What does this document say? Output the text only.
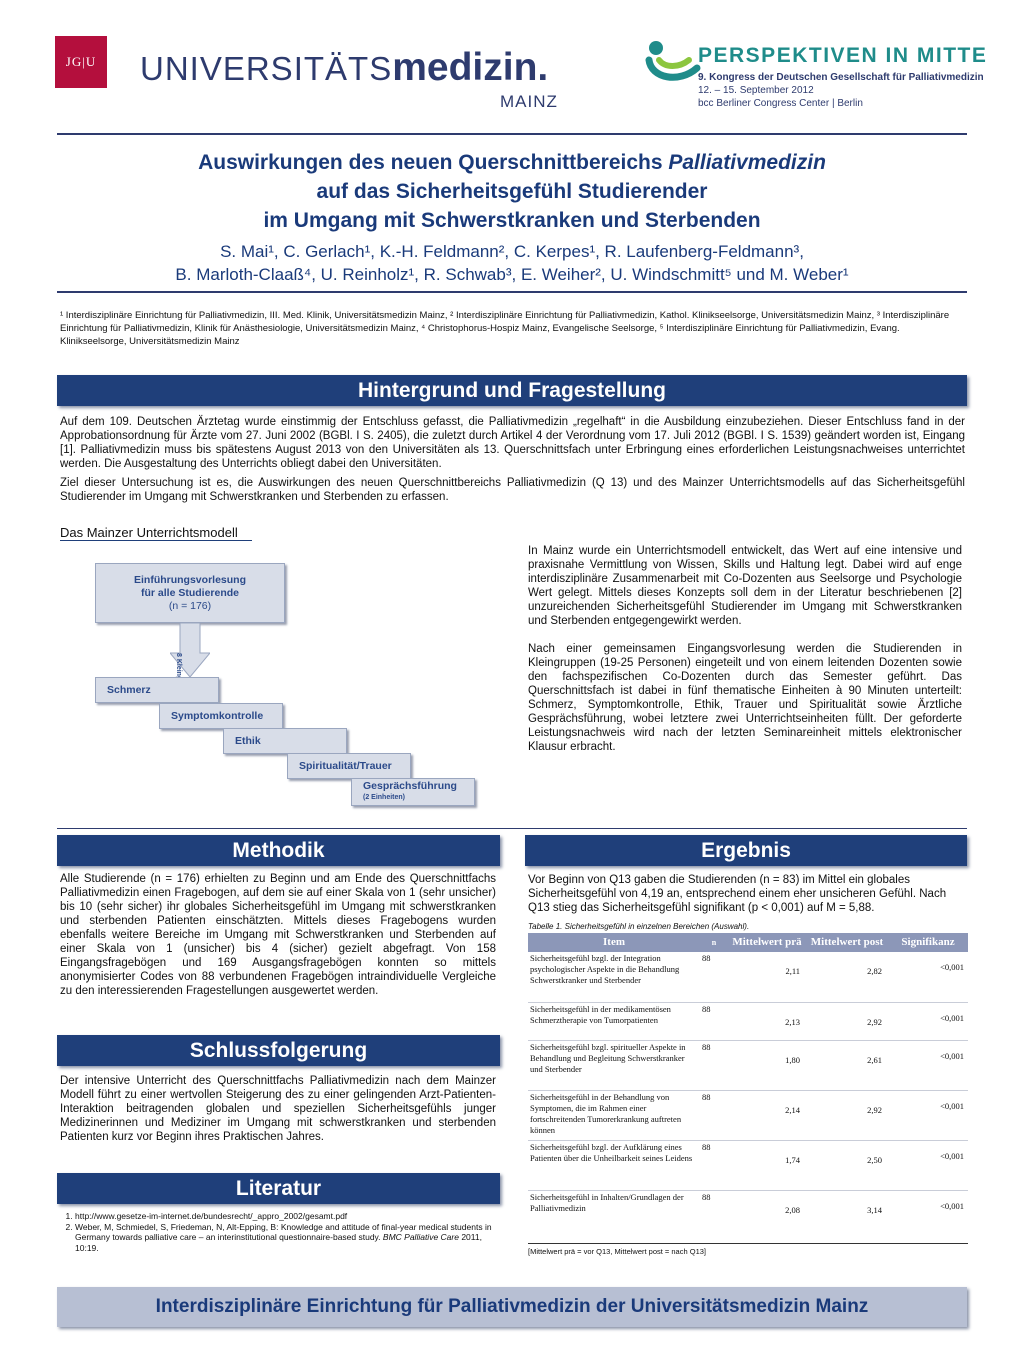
JG|U UNIVERSITÄTSmedizin.
MAINZ
PERSPEKTIVEN IN MITTE
9. Kongress der Deutschen Gesellschaft für Palliativmedizin
12. – 15. September 2012
bcc Berliner Congress Center | Berlin
Auswirkungen des neuen Querschnittbereichs Palliativmedizin
auf das Sicherheitsgefühl Studierender
im Umgang mit Schwerstkranken und Sterbenden
S. Mai¹, C. Gerlach¹, K.-H. Feldmann², C. Kerpes¹, R. Laufenberg-Feldmann³,
B. Marloth-Claaß⁴, U. Reinholz¹, R. Schwab³, E. Weiher², U. Windschmitt⁵ und M. Weber¹
¹ Interdisziplinäre Einrichtung für Palliativmedizin, III. Med. Klinik, Universitätsmedizin Mainz, ² Interdisziplinäre Einrichtung für Palliativmedizin, Kathol. Klinikseelsorge, Universitätsmedizin Mainz, ³ Interdisziplinäre Einrichtung für Palliativmedizin, Klinik für Anästhesiologie, Universitätsmedizin Mainz, ⁴ Christophorus-Hospiz Mainz, Evangelische Seelsorge, ⁵ Interdisziplinäre Einrichtung für Palliativmedizin, Evang. Klinikseelsorge, Universitätsmedizin Mainz
Hintergrund und Fragestellung

Auf dem 109. Deutschen Ärztetag wurde einstimmig der Entschluss gefasst, die Palliativmedizin „regelhaft“ in die Ausbildung einzubeziehen. Dieser Entschluss fand in der Approbationsordnung für Ärzte vom 27. Juni 2002 (BGBl. I S. 2405), die zuletzt durch Artikel 4 der Verordnung vom 17. Juli 2012 (BGBl. I S. 1539) geändert worden ist, Eingang [1]. Palliativmedizin muss bis spätestens August 2013 von den Universitäten als 13. Querschnittsfach unter Erbringung eines erforderlichen Leistungsnachweises unterrichtet werden. Die Ausgestaltung des Unterrichts obliegt dabei den Universitäten.

Ziel dieser Untersuchung ist es, die Auswirkungen des neuen Querschnittbereichs Palliativmedizin (Q 13) und des Mainzer Unterrichtsmodells auf das Sicherheitsgefühl Studierender im Umgang mit Schwerstkranken und Sterbenden zu erfassen.

Das Mainzer Unterrichtsmodell
Einführungsvorlesung
für alle Studierende
(n = 176)
Schmerz
Symptomkontrolle
Ethik
Spiritualität/Trauer
Gesprächsführung
(2 Einheiten)

In Mainz wurde ein Unterrichtsmodell entwickelt, das Wert auf eine intensive und praxisnahe Vermittlung von Wissen, Skills und Haltung legt. Dabei wird auf enge interdisziplinäre Zusammenarbeit mit Co-Dozenten aus Seelsorge und Psychologie Wert gelegt. Mittels dieses Konzepts soll dem in der Literatur beschriebenen [2] unzureichenden Sicherheitsgefühl Studierender im Umgang mit Schwerstkranken und Sterbenden entgegengewirkt werden.

Nach einer gemeinsamen Eingangsvorlesung werden die Studierenden in Kleingruppen (19-25 Personen) eingeteilt und von einem leitenden Dozenten sowie den fachspezifischen Co-Dozenten durch das Semester geführt. Das Querschnittsfach ist dabei in fünf thematische Einheiten à 90 Minuten unterteilt: Schmerz, Symptomkontrolle, Ethik, Trauer und Spiritualität sowie Ärztliche Gesprächsführung, wobei letztere zwei Unterrichtseinheiten füllt. Der geforderte Leistungsnachweis wird nach der letzten Seminareinheit mittels elektronischer Klausur erbracht.

Methodik
Alle Studierende (n = 176) erhielten zu Beginn und am Ende des Querschnittfachs Palliativmedizin einen Fragebogen, auf dem sie auf einer Skala von 1 (sehr unsicher) bis 10 (sehr sicher) ihr globales Sicherheitsgefühl im Umgang mit schwerstkranken und sterbenden Patienten einschätzten. Mittels dieses Fragebogens wurden ebenfalls weitere Bereiche im Umgang mit Schwerstkranken und Sterbenden auf einer Skala von 1 (unsicher) bis 4 (sicher) gezielt abgefragt. Von 158 Eingangsfragebögen und 169 Ausgangsfragebögen konnten so mittels anonymisierter Codes von 88 verbundenen Fragebögen intraindividuelle Vergleiche zu den interessierenden Fragestellungen ausgewertet werden.
Schlussfolgerung
Der intensive Unterricht des Querschnittfachs Palliativmedizin nach dem Mainzer Modell führt zu einer wertvollen Steigerung des zu einer gelingenden Arzt-Patienten-Interaktion beitragenden globalen und speziellen Sicherheitsgefühls junger Medizinerinnen und Mediziner im Umgang mit schwerstkranken und sterbenden Patienten kurz vor Beginn ihres Praktischen Jahres.
Literatur
1. http://www.gesetze-im-internet.de/bundesrecht/_appro_2002/gesamt.pdf
2. Weber, M, Schmiedel, S, Friedeman, N, Alt-Epping, B: Knowledge and attitude of final-year medical students in Germany towards palliative care – an interinstitutional questionnaire-based study. BMC Palliative Care 2011, 10:19.
Ergebnis
Vor Beginn von Q13 gaben die Studierenden (n = 83) im Mittel ein globales Sicherheitsgefühl von 4,19 an, entsprechend einem eher unsicheren Gefühl. Nach Q13 stieg das Sicherheitsgefühl signifikant (p < 0,001) auf M = 5,88.
Tabelle 1. Sicherheitsgefühl in einzelnen Bereichen (Auswahl).
Item	n	Mittelwert prä	Mittelwert post	Signifikanz
Sicherheitsgefühl bzgl. der Integration psychologischer Aspekte in die Behandlung Schwerstkranker und Sterbender	88	2,11	2,82	<0,001
Sicherheitsgefühl in der medikamentösen Schmerztherapie von Tumorpatienten	88	2,13	2,92	<0,001
Sicherheitsgefühl bzgl. spiritueller Aspekte in Behandlung und Begleitung Schwerstkranker und Sterbender	88	1,80	2,61	<0,001
Sicherheitsgefühl in der Behandlung von Symptomen, die im Rahmen einer fortschreitenden Tumorerkrankung auftreten können	88	2,14	2,92	<0,001
Sicherheitsgefühl bzgl. der Aufklärung eines Patienten über die Unheilbarkeit seines Leidens	88	1,74	2,50	<0,001
Sicherheitsgefühl in Inhalten/Grundlagen der Palliativmedizin	88	2,08	3,14	<0,001
[Mittelwert prä = vor Q13, Mittelwert post = nach Q13]
Interdisziplinäre Einrichtung für Palliativmedizin der Universitätsmedizin Mainz
